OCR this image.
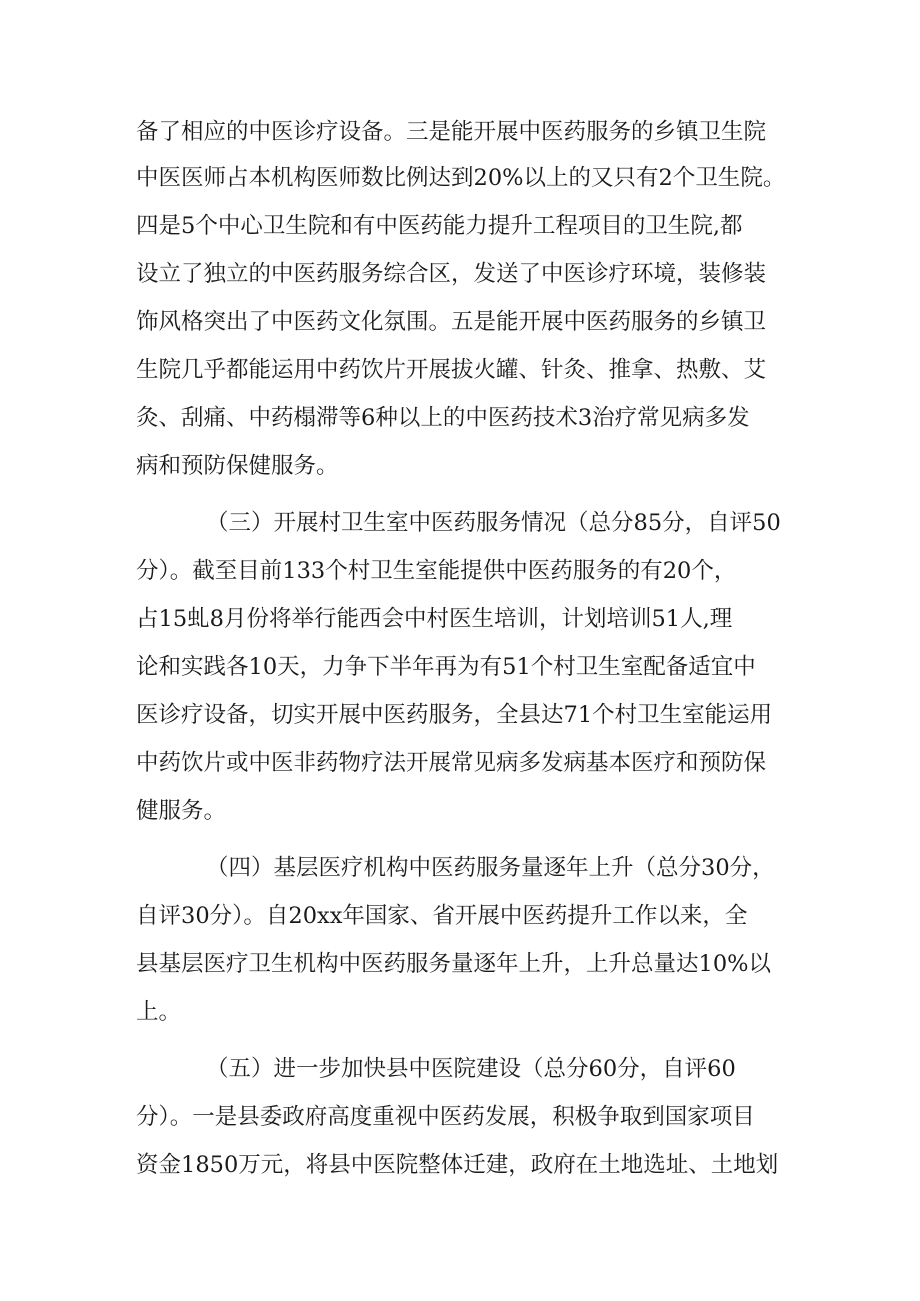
备了相应的中医诊疗设备。三是能开展中医药服务的乡镇卫生院
中医医师占本机构医师数比例达到20%以上的又只有2个卫生院。
四是5个中心卫生院和有中医药能力提升工程项目的卫生院,都
设立了独立的中医药服务综合区，发送了中医诊疗环境，装修装
饰风格突出了中医药文化氛围。五是能开展中医药服务的乡镇卫
生院几乎都能运用中药饮片开展拔火罐、针灸、推拿、热敷、艾
灸、刮痛、中药榻滞等6种以上的中医药技术3治疗常见病多发
病和预防保健服务。
（三）开展村卫生室中医药服务情况（总分85分，自评50
分）。截至目前133个村卫生室能提供中医药服务的有20个，
占15虬8月份将举行能西会中村医生培训，计划培训51人,理
论和实践各10天，力争下半年再为有51个村卫生室配备适宜中
医诊疗设备，切实开展中医药服务，全县达71个村卫生室能运用
中药饮片或中医非药物疗法开展常见病多发病基本医疗和预防保
健服务。
（四）基层医疗机构中医药服务量逐年上升（总分30分，
自评30分）。自20xx年国家、省开展中医药提升工作以来，全
县基层医疗卫生机构中医药服务量逐年上升，上升总量达10%以
上。
（五）进一步加快县中医院建设（总分60分，自评60
分）。一是县委政府高度重视中医药发展，积极争取到国家项目
资金1850万元，将县中医院整体迁建，政府在土地选址、土地划
